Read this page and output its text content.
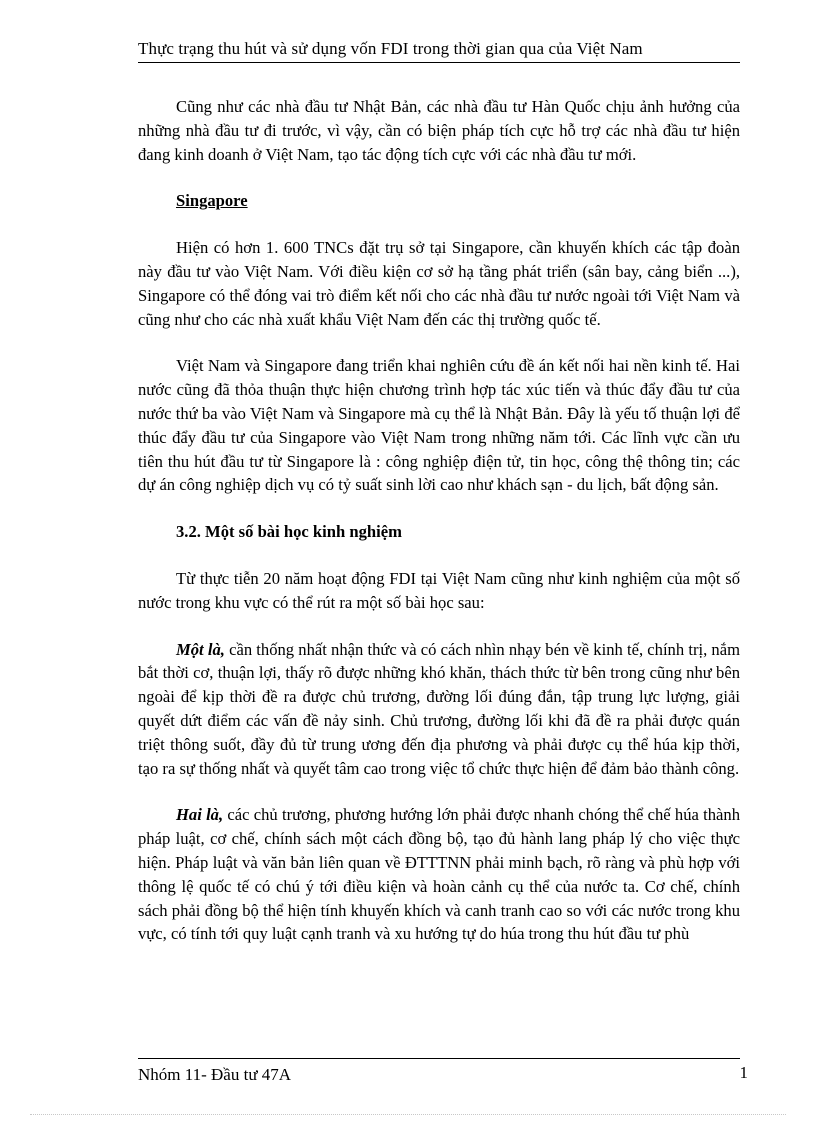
Thực trạng thu hút và sử dụng vốn FDI trong thời gian qua của Việt Nam

Cũng như các nhà đầu tư Nhật Bản, các nhà đầu tư Hàn Quốc chịu ảnh hưởng của những nhà đầu tư đi trước, vì vậy, cần có biện pháp tích cực hỗ trợ các nhà đầu tư hiện đang kinh doanh ở Việt Nam, tạo tác động tích cực với các nhà đầu tư mới.

Singapore

Hiện có hơn 1. 600 TNCs đặt trụ sở tại Singapore, cần khuyến khích các tập đoàn này đầu tư vào Việt Nam. Với điều kiện cơ sở hạ tầng phát triển (sân bay, cảng biển ...), Singapore có thể đóng vai trò điểm kết nối cho các nhà đầu tư nước ngoài tới Việt Nam và cũng như cho các nhà xuất khẩu Việt Nam đến các thị trường quốc tế.

Việt Nam và Singapore đang triển khai nghiên cứu đề án kết nối hai nền kinh tế. Hai nước cũng đã thỏa thuận thực hiện chương trình hợp tác xúc tiến và thúc đẩy đầu tư của nước thứ ba vào Việt Nam và Singapore mà cụ thể là Nhật Bản. Đây là yếu tố thuận lợi để thúc đẩy đầu tư của Singapore vào Việt Nam trong những năm tới. Các lĩnh vực cần ưu tiên thu hút đầu tư từ Singapore là : công nghiệp điện tử, tin học, công thệ thông tin; các dự án công nghiệp dịch vụ có tỷ suất sinh lời cao như khách sạn - du lịch, bất động sản.

3.2. Một số bài học kinh nghiệm

Từ thực tiễn 20 năm hoạt động FDI tại Việt Nam cũng như kinh nghiệm của một số nước trong khu vực có thể rút ra một số bài học sau:

Một là, cần thống nhất nhận thức và có cách nhìn nhạy bén về kinh tế, chính trị, nắm bắt thời cơ, thuận lợi, thấy rõ được những khó khăn, thách thức từ bên trong cũng như bên ngoài để kịp thời đề ra được chủ trương, đường lối đúng đắn, tập trung lực lượng, giải quyết dứt điểm các vấn đề nảy sinh. Chủ trương, đường lối khi đã đề ra phải được quán triệt thông suốt, đầy đủ từ trung ương đến địa phương và phải được cụ thể húa kịp thời, tạo ra sự thống nhất và quyết tâm cao trong việc tổ chức thực hiện để đảm bảo thành công.

Hai là, các chủ trương, phương hướng lớn phải được nhanh chóng thể chế húa thành pháp luật, cơ chế, chính sách một cách đồng bộ, tạo đủ hành lang pháp lý cho việc thực hiện. Pháp luật và văn bản liên quan về ĐTTTNN phải minh bạch, rõ ràng và phù hợp với thông lệ quốc tế có chú ý tới điều kiện và hoàn cảnh cụ thể của nước ta. Cơ chế, chính sách phải đồng bộ thể hiện tính khuyến khích và canh tranh cao so với các nước trong khu vực, có tính tới quy luật cạnh tranh và xu hướng tự do húa trong thu hút đầu tư phù

Nhóm 11- Đầu tư 47A	1
